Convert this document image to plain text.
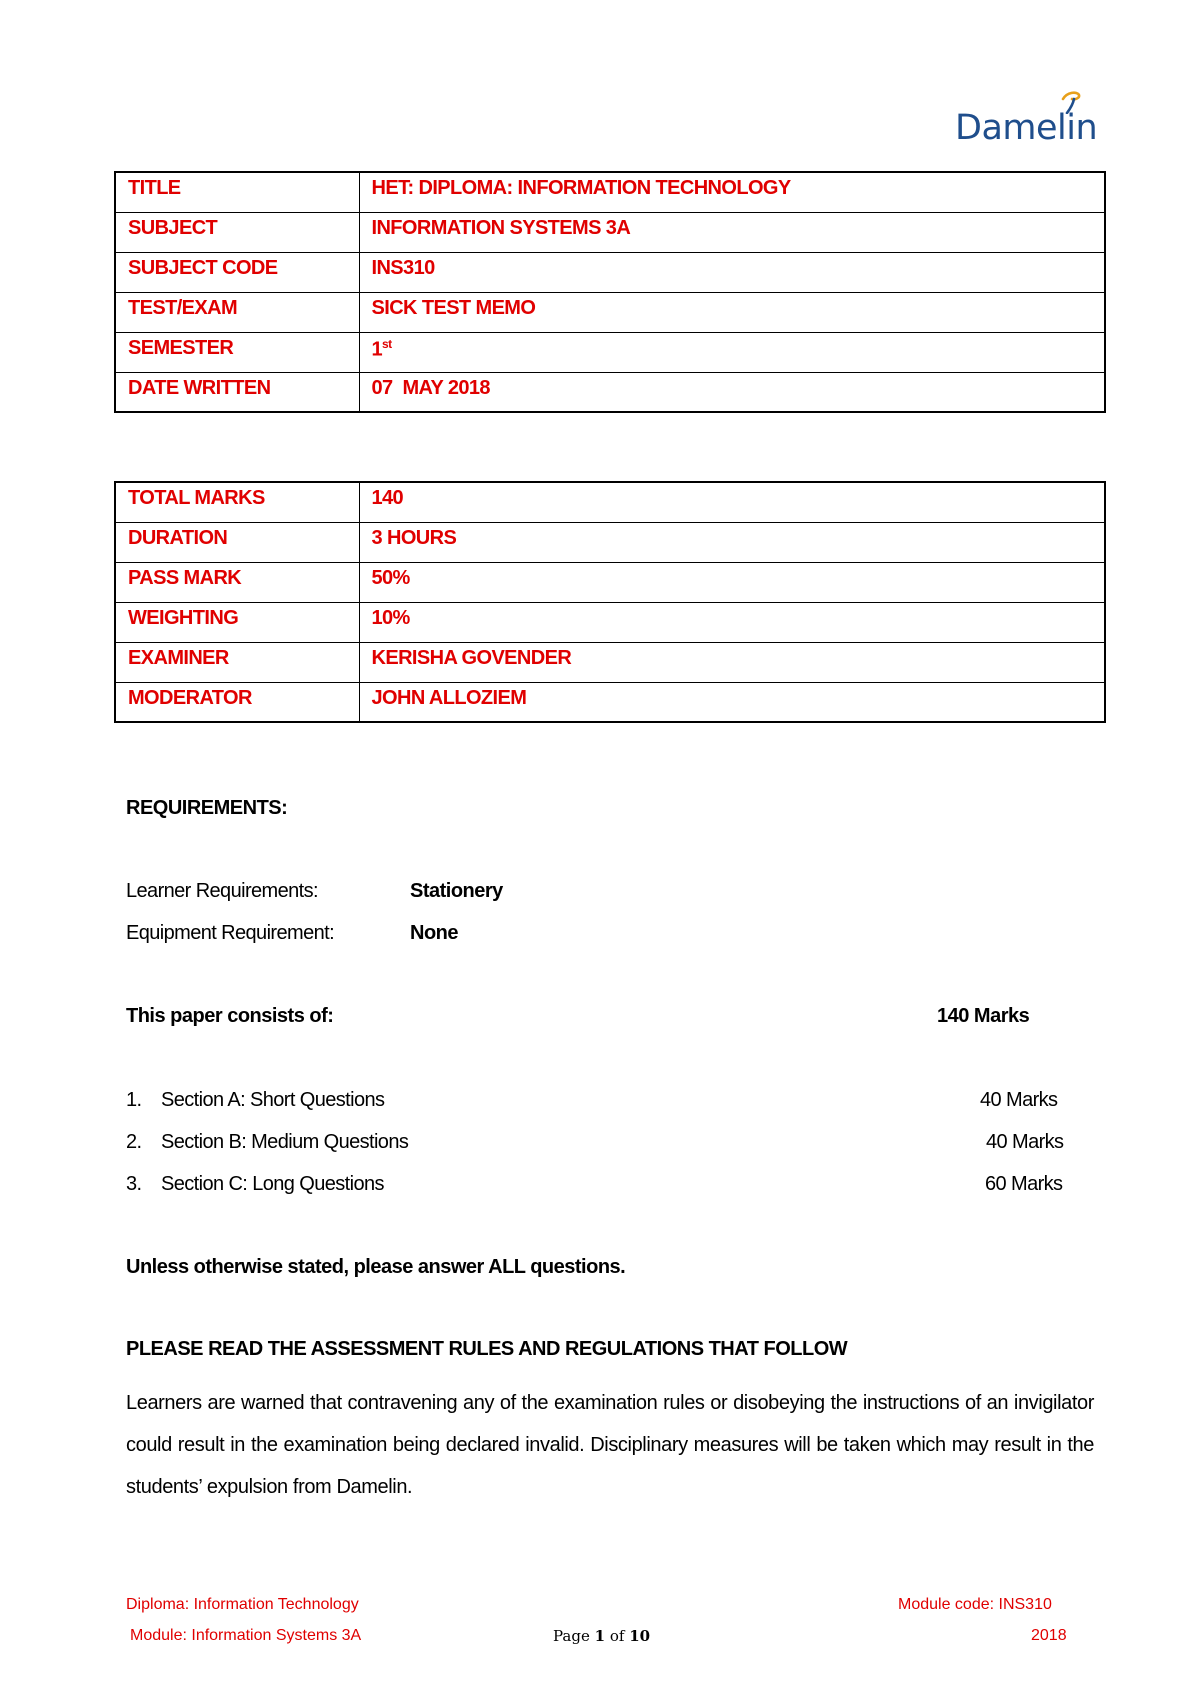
Damelin
TITLE	HET: DIPLOMA: INFORMATION TECHNOLOGY
SUBJECT	INFORMATION SYSTEMS 3A
SUBJECT CODE	INS310
TEST/EXAM	SICK TEST MEMO
SEMESTER	1st
DATE WRITTEN	07  MAY 2018
TOTAL MARKS	140
DURATION	3 HOURS
PASS MARK	50%
WEIGHTING	10%
EXAMINER	KERISHA GOVENDER
MODERATOR	JOHN ALLOZIEM
REQUIREMENTS:
Learner Requirements:	Stationery
Equipment Requirement:	None
This paper consists of:	140 Marks
1. Section A: Short Questions	40 Marks
2. Section B: Medium Questions	40 Marks
3. Section C: Long Questions	60 Marks
Unless otherwise stated, please answer ALL questions.
PLEASE READ THE ASSESSMENT RULES AND REGULATIONS THAT FOLLOW
Learners are warned that contravening any of the examination rules or disobeying the instructions of an invigilator could result in the examination being declared invalid. Disciplinary measures will be taken which may result in the students’ expulsion from Damelin.
Diploma: Information Technology
Module: Information Systems 3A
Module code: INS310
2018
Page 1 of 10
